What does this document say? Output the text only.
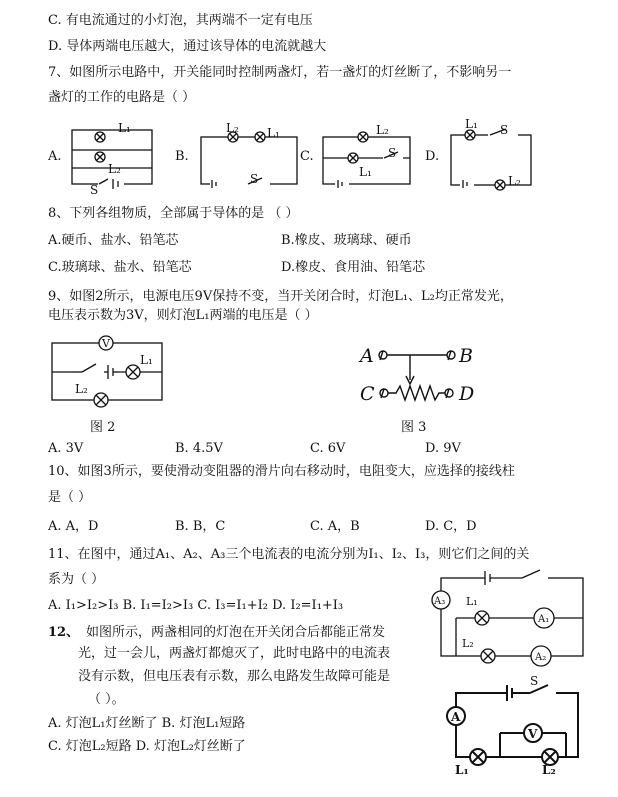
C. 有电流通过的小灯泡，其两端不一定有电压
D. 导体两端电压越大，通过该导体的电流就越大
7、如图所示电路中，开关能同时控制两盏灯，若一盏灯的灯丝断了，不影响另一
盏灯的工作的电路是（ ）
A.	B.
L₁
L₂
S
L₂ L₁
S
C.
L₂
S
L₁
D.
L₁ S
L₂
8、下列各组物质，全部属于导体的是 （ ）
A.硬币、盐水、铅笔芯	B.橡皮、玻璃球、硬币
C.玻璃球、盐水、铅笔芯	D.橡皮、食用油、铅笔芯
9、如图2所示，电源电压9V保持不变，当开关闭合时，灯泡L₁、L₂均正常发光，
电压表示数为3V，则灯泡L₁两端的电压是（ ）
V
L₁
L₂
A	B
C	D
图 2	图 3
A. 3V	B. 4.5V	C. 6V	D. 9V
10、如图3所示，要使滑动变阻器的滑片向右移动时，电阻变大，应选择的接线柱
是（ ）
A. A，D	B. B，C	C. A，B	D. C，D
11、在图中，通过A₁、A₂、A₃三个电流表的电流分别为I₁、I₂、I₃，则它们之间的关
系为（ ）
A. I₁>I₂>I₃ B. I₁=I₂>I₃ C. I₃=I₁+I₂ D. I₂=I₁+I₃	A₃ L₁
A₁
L₂
A₂
12、 如图所示，两盏相同的灯泡在开关闭合后都能正常发
光，过一会儿，两盏灯都熄灭了，此时电路中的电流表
没有示数，但电压表有示数，那么电路发生故障可能是
（ ）。
A. 灯泡L₁灯丝断了 B. 灯泡L₁短路
C. 灯泡L₂短路 D. 灯泡L₂灯丝断了
S
A
V
L₁	L₂
